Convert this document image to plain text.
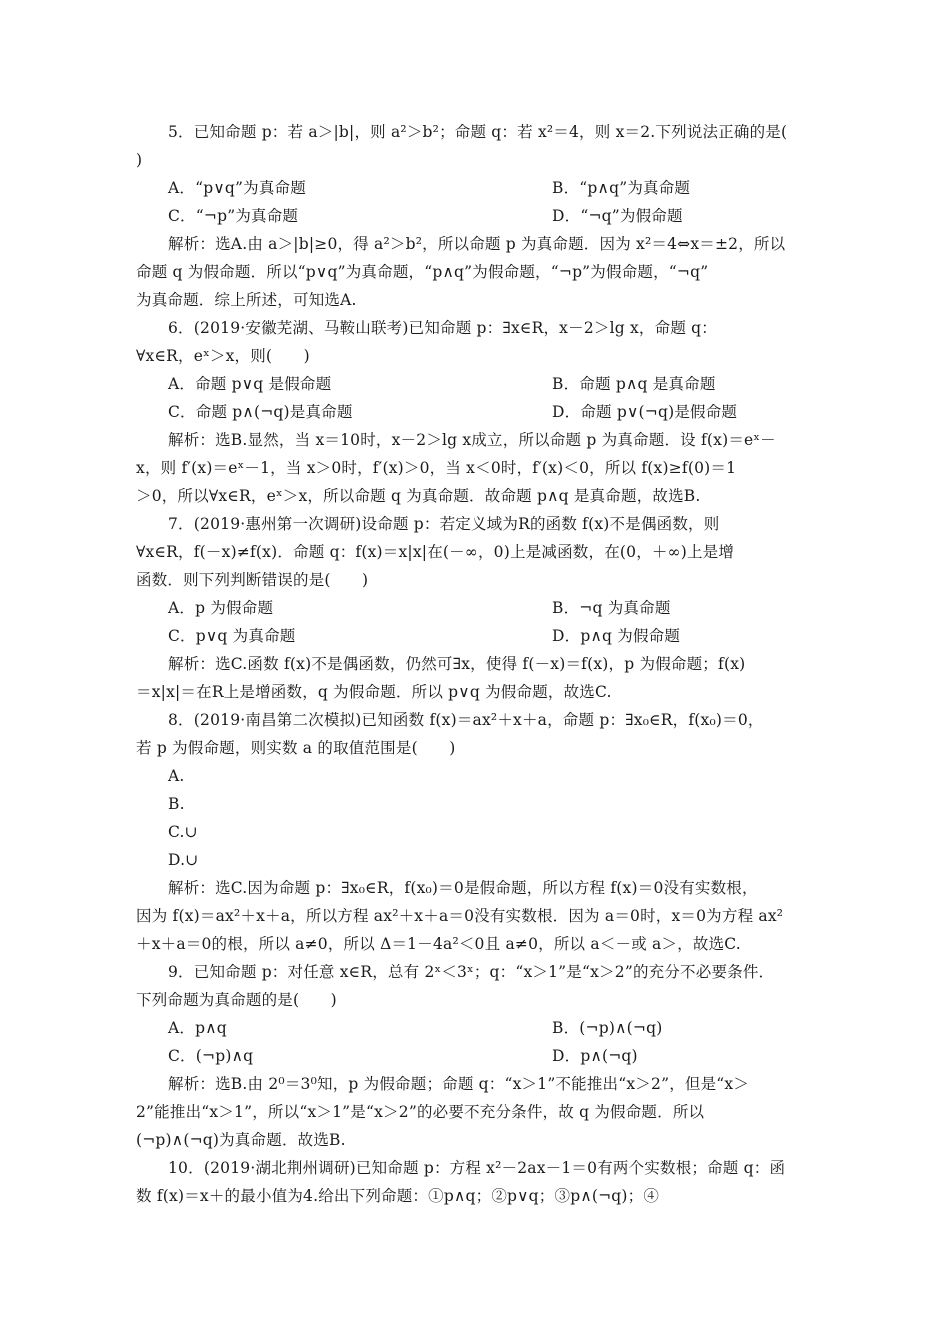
5．已知命题 p：若 a＞|b|，则 a²＞b²；命题 q：若 x²＝4，则 x＝2.下列说法正确的是(
)
A．“p∨q”为真命题	B．“p∧q”为真命题
C．“¬p”为真命题	D．“¬q”为假命题
解析：选A.由 a＞|b|≥0，得 a²＞b²，所以命题 p 为真命题．因为 x²＝4⇔x＝±2，所以
命题 q 为假命题．所以“p∨q”为真命题，“p∧q”为假命题，“¬p”为假命题，“¬q”
为真命题．综上所述，可知选A.
6．(2019·安徽芜湖、马鞍山联考)已知命题 p：∃x∈R，x－2＞lg x，命题 q：
∀x∈R，eˣ＞x，则(　　)
A．命题 p∨q 是假命题	B．命题 p∧q 是真命题
C．命题 p∧(¬q)是真命题	D．命题 p∨(¬q)是假命题
解析：选B.显然，当 x＝10时，x－2＞lg x成立，所以命题 p 为真命题．设 f(x)＝eˣ－
x，则 f′(x)＝eˣ－1，当 x＞0时，f′(x)＞0，当 x＜0时，f′(x)＜0，所以 f(x)≥f(0)＝1
＞0，所以∀x∈R，eˣ＞x，所以命题 q 为真命题．故命题 p∧q 是真命题，故选B.
7．(2019·惠州第一次调研)设命题 p：若定义域为R的函数 f(x)不是偶函数，则
∀x∈R，f(－x)≠f(x)．命题 q：f(x)＝x|x|在(－∞，0)上是减函数，在(0，＋∞)上是增
函数．则下列判断错误的是(　　)
A．p 为假命题	B．¬q 为真命题
C．p∨q 为真命题	D．p∧q 为假命题
解析：选C.函数 f(x)不是偶函数，仍然可∃x，使得 f(－x)＝f(x)，p 为假命题；f(x)
＝x|x|＝在R上是增函数，q 为假命题．所以 p∨q 为假命题，故选C.
8．(2019·南昌第二次模拟)已知函数 f(x)＝ax²＋x＋a，命题 p：∃x₀∈R，f(x₀)＝0，
若 p 为假命题，则实数 a 的取值范围是(　　)
A.
B.
C.∪
D.∪
解析：选C.因为命题 p：∃x₀∈R，f(x₀)＝0是假命题，所以方程 f(x)＝0没有实数根，
因为 f(x)＝ax²＋x＋a，所以方程 ax²＋x＋a＝0没有实数根．因为 a＝0时，x＝0为方程 ax²
＋x＋a＝0的根，所以 a≠0，所以 Δ＝1－4a²＜0且 a≠0，所以 a＜－或 a＞，故选C.
9．已知命题 p：对任意 x∈R，总有 2ˣ＜3ˣ；q：“x＞1”是“x＞2”的充分不必要条件．
下列命题为真命题的是(　　)
A．p∧q	B．(¬p)∧(¬q)
C．(¬p)∧q	D．p∧(¬q)
解析：选B.由 2⁰＝3⁰知，p 为假命题；命题 q：“x＞1”不能推出“x＞2”，但是“x＞
2”能推出“x＞1”，所以“x＞1”是“x＞2”的必要不充分条件，故 q 为假命题．所以
(¬p)∧(¬q)为真命题．故选B.
10．(2019·湖北荆州调研)已知命题 p：方程 x²－2ax－1＝0有两个实数根；命题 q：函
数 f(x)＝x＋的最小值为4.给出下列命题：①p∧q；②p∨q；③p∧(¬q)；④
